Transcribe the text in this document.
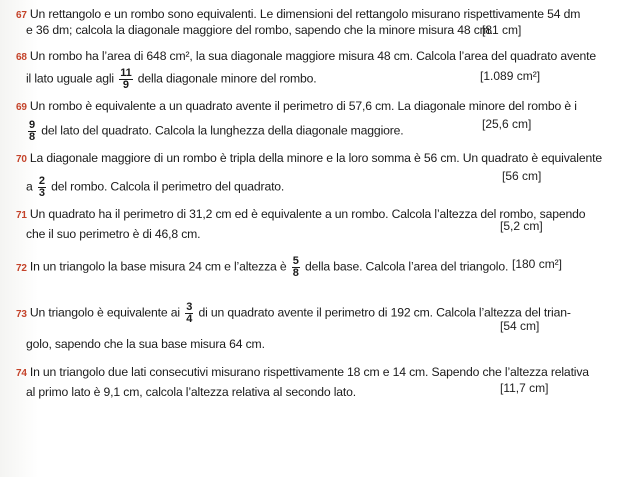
67 Un rettangolo e un rombo sono equivalenti. Le dimensioni del rettangolo misurano rispettivamente 54 dm
e 36 dm; calcola la diagonale maggiore del rombo, sapendo che la minore misura 48 cm.
[81 cm]
68 Un rombo ha l’area di 648 cm², la sua diagonale maggiore misura 48 cm. Calcola l’area del quadrato avente
il lato uguale agli $\frac{11}{9}$ della diagonale minore del rombo.	[1.089 cm²]
69 Un rombo è equivalente a un quadrato avente il perimetro di 57,6 cm. La diagonale minore del rombo è i
$\frac{9}{8}$ del lato del quadrato. Calcola la lunghezza della diagonale maggiore.	[25,6 cm]
70 La diagonale maggiore di un rombo è tripla della minore e la loro somma è 56 cm. Un quadrato è equivalente
a $\frac{2}{3}$ del rombo. Calcola il perimetro del quadrato.
[56 cm]
71 Un quadrato ha il perimetro di 31,2 cm ed è equivalente a un rombo. Calcola l’altezza del rombo, sapendo
che il suo perimetro è di 46,8 cm.
[5,2 cm]
72 In un triangolo la base misura 24 cm e l’altezza è $\frac{5}{8}$ della base. Calcola l’area del triangolo. [180 cm²]
73 Un triangolo è equivalente ai $\frac{3}{4}$ di un quadrato avente il perimetro di 192 cm. Calcola l’altezza del trian-
golo, sapendo che la sua base misura 64 cm.
[54 cm]
74 In un triangolo due lati consecutivi misurano rispettivamente 18 cm e 14 cm. Sapendo che l’altezza relativa
al primo lato è 9,1 cm, calcola l’altezza relativa al secondo lato.	[11,7 cm]
